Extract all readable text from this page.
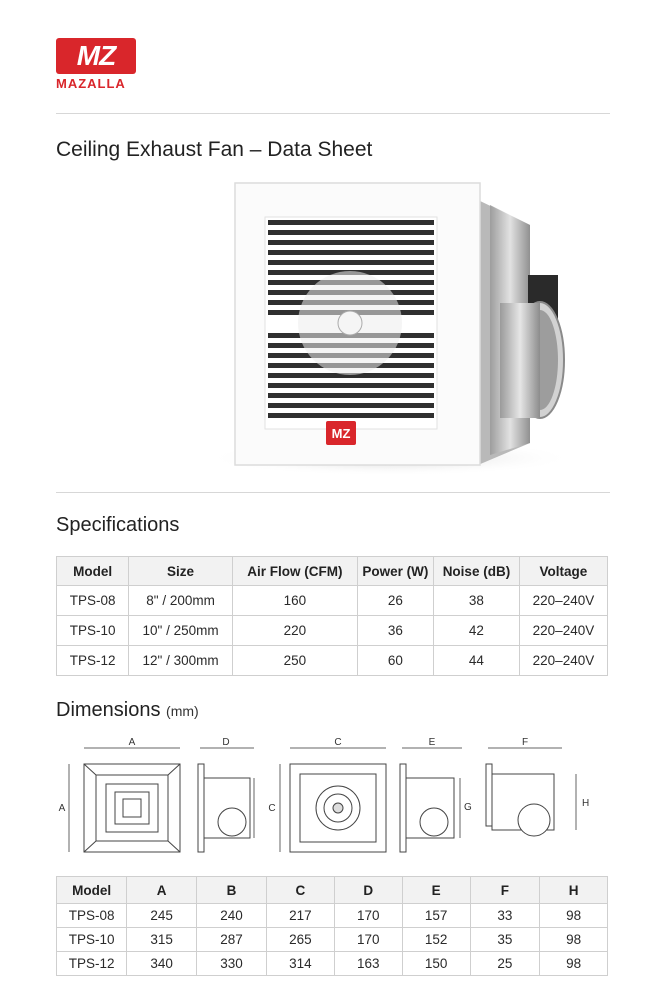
MZ
MAZALLA
Ceiling Exhaust Fan – Data Sheet
MZ
Specifications
Model	Size	Air Flow (CFM)	Power (W)	Noise (dB)	Voltage
TPS-08	8" / 200mm	160	26	38	220–240V
TPS-10	10" / 250mm	220	36	42	220–240V
TPS-12	12" / 300mm	250	60	44	220–240V
Dimensions (mm)
A
A
D	C
C
E
G
F
H
Model	A	B	C	D	E	F	H
TPS-08	245	240	217	170	157	33	98
TPS-10	315	287	265	170	152	35	98
TPS-12	340	330	314	163	150	25	98
